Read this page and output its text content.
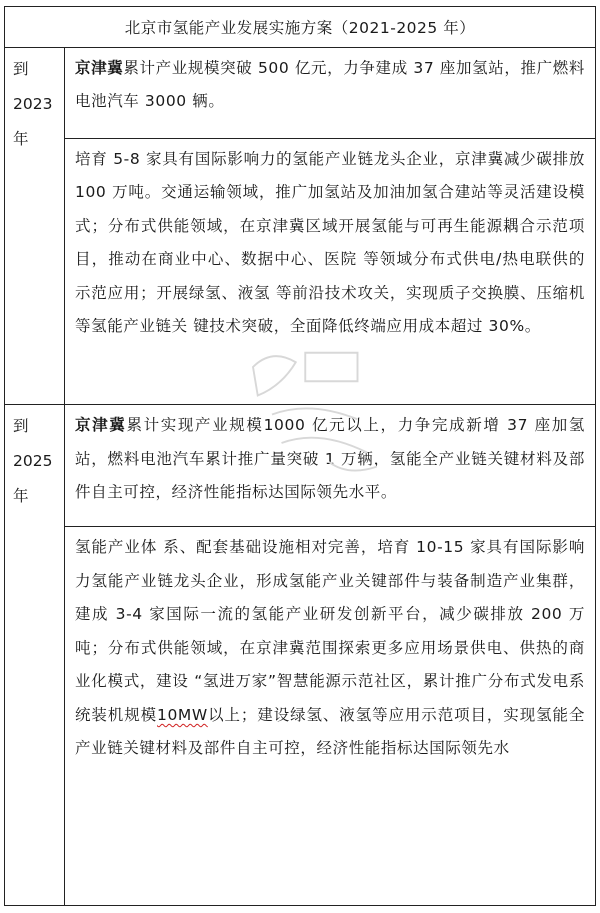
北京市氢能产业发展实施方案（2021-2025 年）	

到
2023
年	京津冀累计产业规模突破 500 亿元，力争建成 37 座加氢站，推广燃料电池汽车 3000 辆。
	培育 5-8 家具有国际影响力的氢能产业链龙头企业，京津冀减少碳排放 100 万吨。交通运输领域，推广加氢站及加油加氢合建站等灵活建设模式；分布式供能领域，在京津冀区域开展氢能与可再生能源耦合示范项目，推动在商业中心、数据中心、医院 等领域分布式供电/热电联供的示范应用；开展绿氢、液氢 等前沿技术攻关，实现质子交换膜、压缩机等氢能产业链关 键技术突破，全面降低终端应用成本超过 30%。

到
2025
年	京津冀累计实现产业规模1000 亿元以上，力争完成新增 37 座加氢站，燃料电池汽车累计推广量突破 1 万辆，氢能全产业链关键材料及部件自主可控，经济性能指标达国际领先水平。
	氢能产业体 系、配套基础设施相对完善，培育 10-15 家具有国际影响力氢能产业链龙头企业，形成氢能产业关键部件与装备制造产业集群，建成 3-4 家国际一流的氢能产业研发创新平台，减少碳排放 200 万吨；分布式供能领域，在京津冀范围探索更多应用场景供电、供热的商业化模式，建设 “氢进万家”智慧能源示范社区，累计推广分布式发电系统装机规模10MW以上；建设绿氢、液氢等应用示范项目，实现氢能全产业链关键材料及部件自主可控，经济性能指标达国际领先水
